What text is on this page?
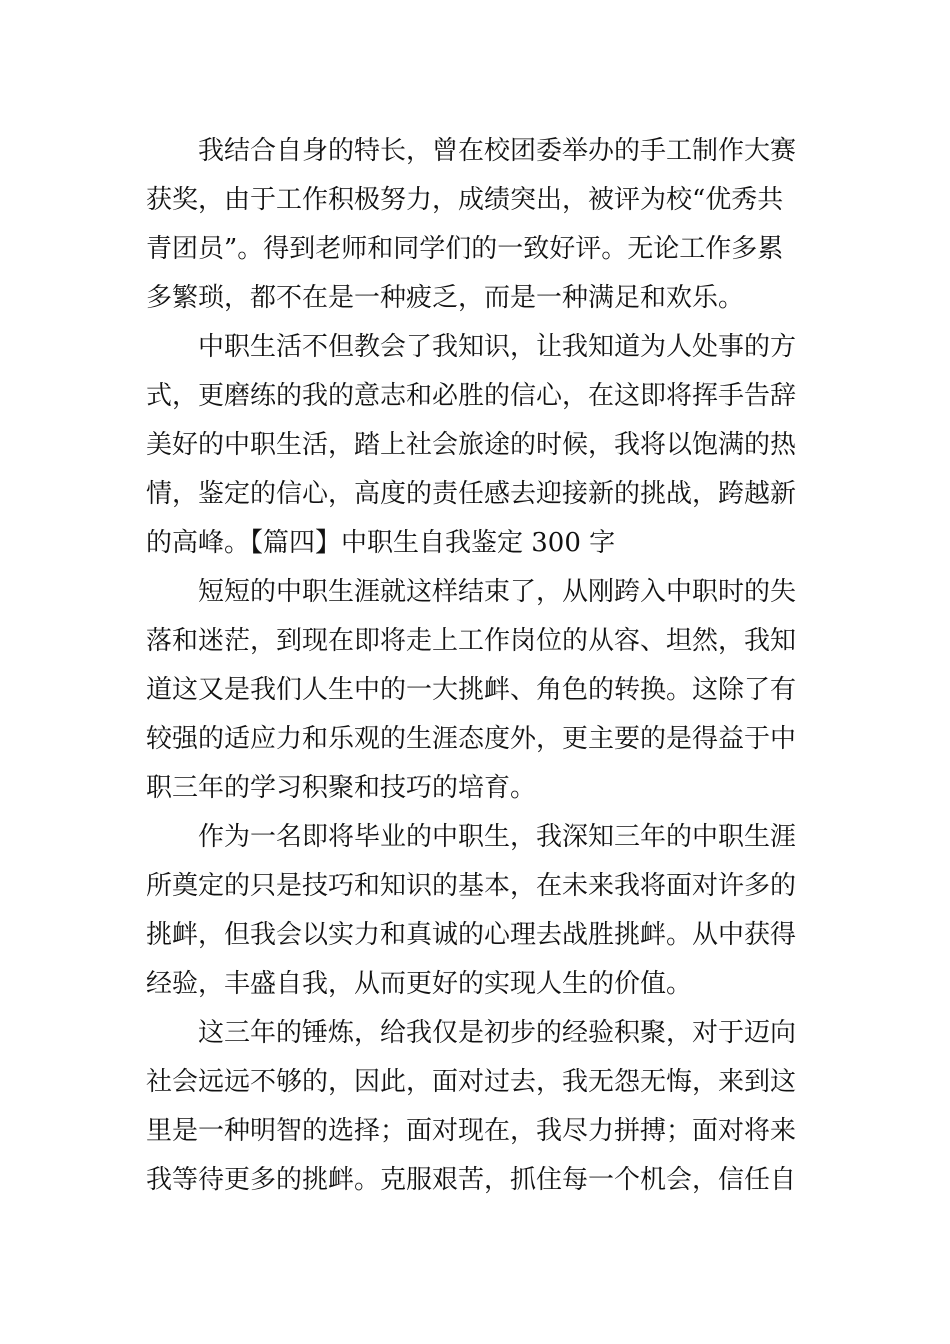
我结合自身的特长，曾在校团委举办的手工制作大赛
获奖，由于工作积极努力，成绩突出，被评为校“优秀共
青团员”。得到老师和同学们的一致好评。无论工作多累
多繁琐，都不在是一种疲乏，而是一种满足和欢乐。

中职生活不但教会了我知识，让我知道为人处事的方
式，更磨练的我的意志和必胜的信心，在这即将挥手告辞
美好的中职生活，踏上社会旅途的时候，我将以饱满的热
情，鉴定的信心，高度的责任感去迎接新的挑战，跨越新
的高峰。【篇四】中职生自我鉴定 300 字

短短的中职生涯就这样结束了，从刚跨入中职时的失
落和迷茫，到现在即将走上工作岗位的从容、坦然，我知
道这又是我们人生中的一大挑衅、角色的转换。这除了有
较强的适应力和乐观的生涯态度外，更主要的是得益于中
职三年的学习积聚和技巧的培育。

作为一名即将毕业的中职生，我深知三年的中职生涯
所奠定的只是技巧和知识的基本，在未来我将面对许多的
挑衅，但我会以实力和真诚的心理去战胜挑衅。从中获得
经验，丰盛自我，从而更好的实现人生的价值。

这三年的锤炼，给我仅是初步的经验积聚，对于迈向
社会远远不够的，因此，面对过去，我无怨无悔，来到这
里是一种明智的选择；面对现在，我尽力拼搏；面对将来
我等待更多的挑衅。克服艰苦，抓住每一个机会，信任自
